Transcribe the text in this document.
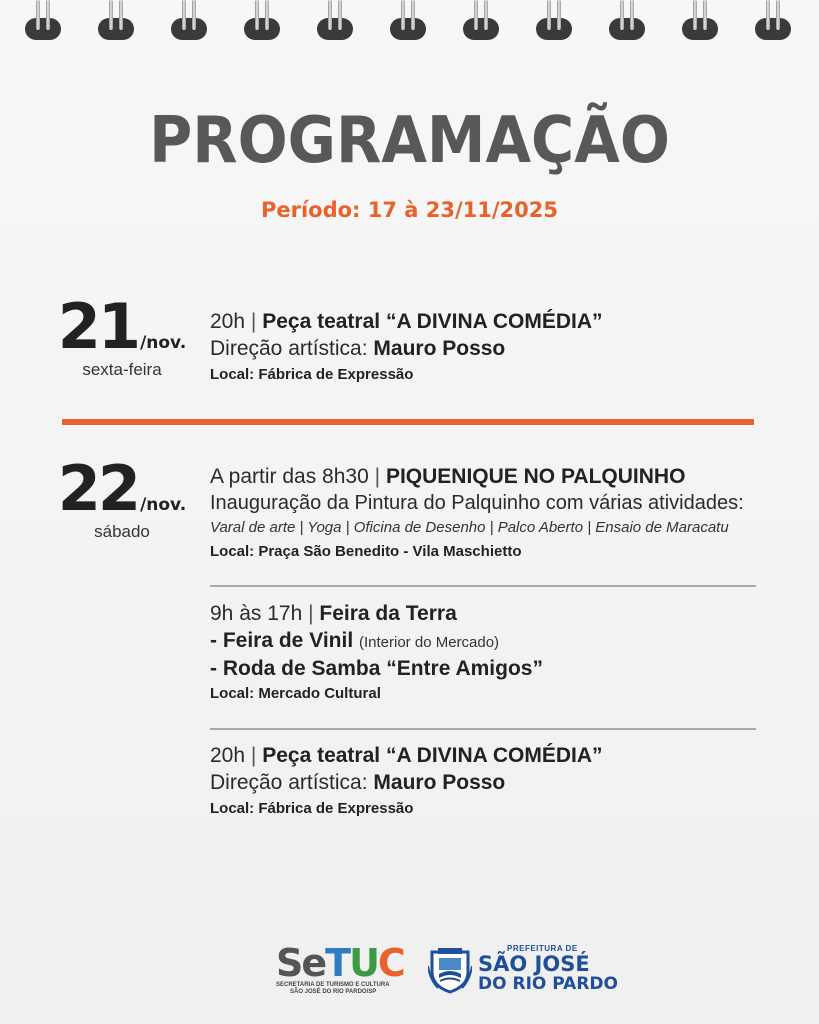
PROGRAMAÇÃO
Período: 17 à 23/11/2025
21 /nov.
sexta-feira
20h | Peça teatral “A DIVINA COMÉDIA”
Direção artística: Mauro Posso
Local: Fábrica de Expressão
22 /nov.
sábado
A partir das 8h30 | PIQUENIQUE NO PALQUINHO
Inauguração da Pintura do Palquinho com várias atividades:
Varal de arte | Yoga | Oficina de Desenho | Palco Aberto | Ensaio de Maracatu
Local: Praça São Benedito - Vila Maschietto
9h às 17h | Feira da Terra
- Feira de Vinil (Interior do Mercado)
- Roda de Samba “Entre Amigos”
Local: Mercado Cultural
20h | Peça teatral “A DIVINA COMÉDIA”
Direção artística: Mauro Posso
Local: Fábrica de Expressão
SeTUC
SECRETARIA DE TURISMO E CULTURA
SÃO JOSÉ DO RIO PARDO/SP
PREFEITURA DE
SÃO JOSÉ
DO RIO PARDO
